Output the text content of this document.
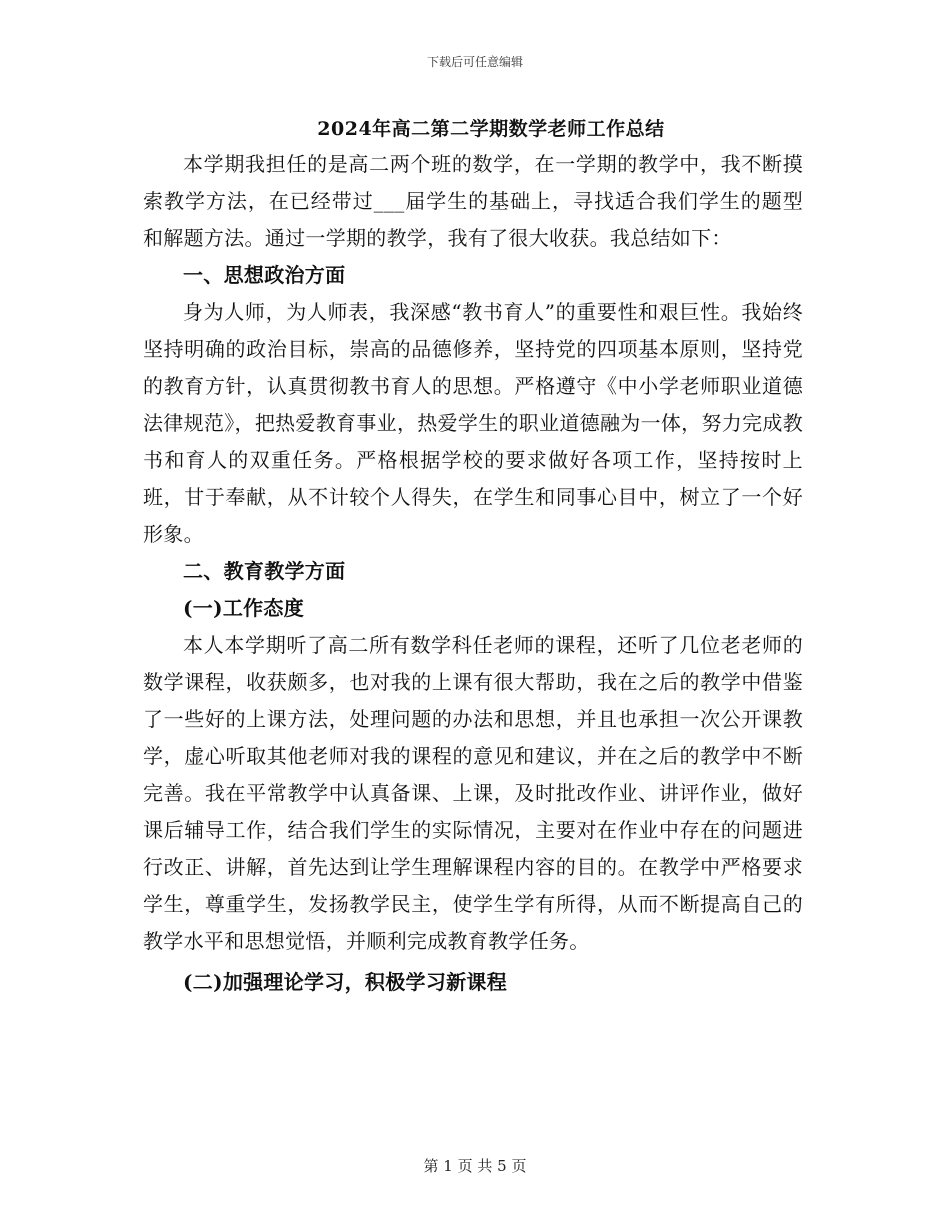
下载后可任意编辑
2024年高二第二学期数学老师工作总结

本学期我担任的是高二两个班的数学，在一学期的教学中，我不断摸索教学方法，在已经带过___届学生的基础上，寻找适合我们学生的题型和解题方法。通过一学期的教学，我有了很大收获。我总结如下：

一、思想政治方面

身为人师，为人师表，我深感“教书育人”的重要性和艰巨性。我始终坚持明确的政治目标，崇高的品德修养，坚持党的四项基本原则，坚持党的教育方针，认真贯彻教书育人的思想。严格遵守《中小学老师职业道德法律规范》，把热爱教育事业，热爱学生的职业道德融为一体，努力完成教书和育人的双重任务。严格根据学校的要求做好各项工作，坚持按时上班，甘于奉献，从不计较个人得失，在学生和同事心目中，树立了一个好形象。

二、教育教学方面
(一)工作态度

本人本学期听了高二所有数学科任老师的课程，还听了几位老老师的数学课程，收获颇多，也对我的上课有很大帮助，我在之后的教学中借鉴了一些好的上课方法，处理问题的办法和思想，并且也承担一次公开课教学，虚心听取其他老师对我的课程的意见和建议，并在之后的教学中不断完善。我在平常教学中认真备课、上课，及时批改作业、讲评作业，做好课后辅导工作，结合我们学生的实际情况，主要对在作业中存在的问题进行改正、讲解，首先达到让学生理解课程内容的目的。在教学中严格要求学生，尊重学生，发扬教学民主，使学生学有所得，从而不断提高自己的教学水平和思想觉悟，并顺利完成教育教学任务。

(二)加强理论学习，积极学习新课程
第 1 页 共 5 页
